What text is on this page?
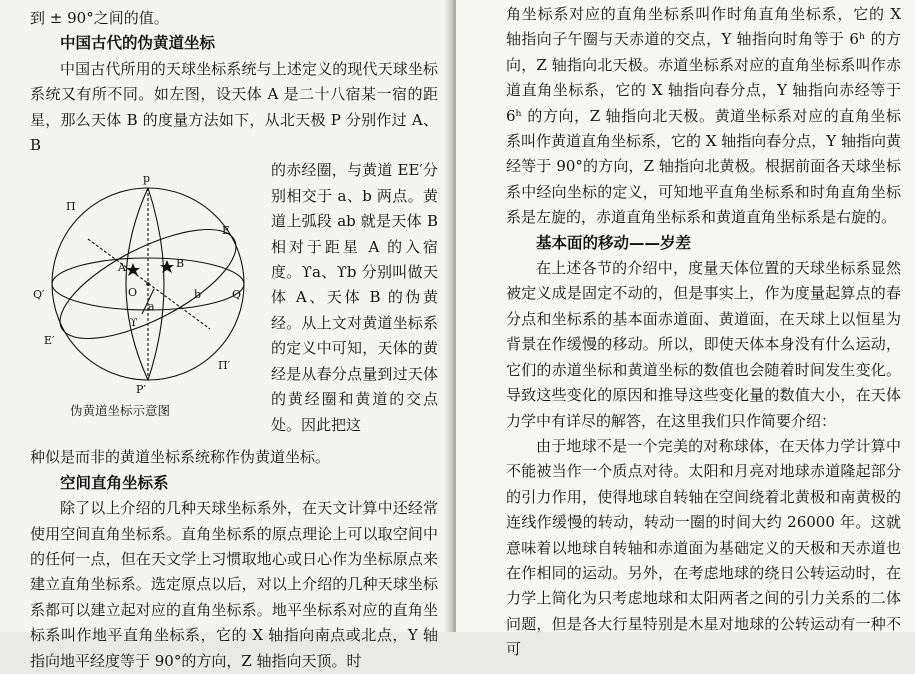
到 ± 90°之间的值。

中国古代的伪黄道坐标

中国古代所用的天球坐标系统与上述定义的现代天球坐标系统又有所不同。如左图，设天体 A 是二十八宿某一宿的距星，那么天体 B 的度量方法如下，从北天极 P 分别作过 A、B

p
Π
E
A	B
O
a
b
Q′	Q
ϒ
E′
Π′
P′
伪黄道坐标示意图

的赤经圈，与黄道 EE′分别相交于 a、b 两点。黄道上弧段 ab 就是天体 B 相对于距星 A 的入宿度。ϒa、ϒb 分别叫做天体 A、天体 B 的伪黄经。从上文对黄道坐标系的定义中可知，天体的黄经是从春分点量到过天体的黄经圈和黄道的交点处。因此把这

种似是而非的黄道坐标系统称作伪黄道坐标。

空间直角坐标系

除了以上介绍的几种天球坐标系外，在天文计算中还经常使用空间直角坐标系。直角坐标系的原点理论上可以取空间中的任何一点，但在天文学上习惯取地心或日心作为坐标原点来建立直角坐标系。选定原点以后，对以上介绍的几种天球坐标系都可以建立起对应的直角坐标系。地平坐标系对应的直角坐标系叫作地平直角坐标系，它的 X 轴指向南点或北点，Y 轴指向地平经度等于 90°的方向，Z 轴指向天顶。时

角坐标系对应的直角坐标系叫作时角直角坐标系，它的 X 轴指向子午圈与天赤道的交点，Y 轴指向时角等于 6ʰ 的方向，Z 轴指向北天极。赤道坐标系对应的直角坐标系叫作赤道直角坐标系，它的 X 轴指向春分点，Y 轴指向赤经等于 6ʰ 的方向，Z 轴指向北天极。黄道坐标系对应的直角坐标系叫作黄道直角坐标系，它的 X 轴指向春分点，Y 轴指向黄经等于 90°的方向，Z 轴指向北黄极。根据前面各天球坐标系中经向坐标的定义，可知地平直角坐标系和时角直角坐标系是左旋的，赤道直角坐标系和黄道直角坐标系是右旋的。

基本面的移动——岁差

在上述各节的介绍中，度量天体位置的天球坐标系显然被定义成是固定不动的，但是事实上，作为度量起算点的春分点和坐标系的基本面赤道面、黄道面，在天球上以恒星为背景在作缓慢的移动。所以，即使天体本身没有什么运动，它们的赤道坐标和黄道坐标的数值也会随着时间发生变化。导致这些变化的原因和推导这些变化量的数值大小，在天体力学中有详尽的解答，在这里我们只作简要介绍：

由于地球不是一个完美的对称球体，在天体力学计算中不能被当作一个质点对待。太阳和月亮对地球赤道隆起部分的引力作用，使得地球自转轴在空间绕着北黄极和南黄极的连线作缓慢的转动，转动一圈的时间大约 26000 年。这就意味着以地球自转轴和赤道面为基础定义的天极和天赤道也在作相同的运动。另外，在考虑地球的绕日公转运动时，在力学上简化为只考虑地球和太阳两者之间的引力关系的二体问题，但是各大行星特别是木星对地球的公转运动有一种不可
